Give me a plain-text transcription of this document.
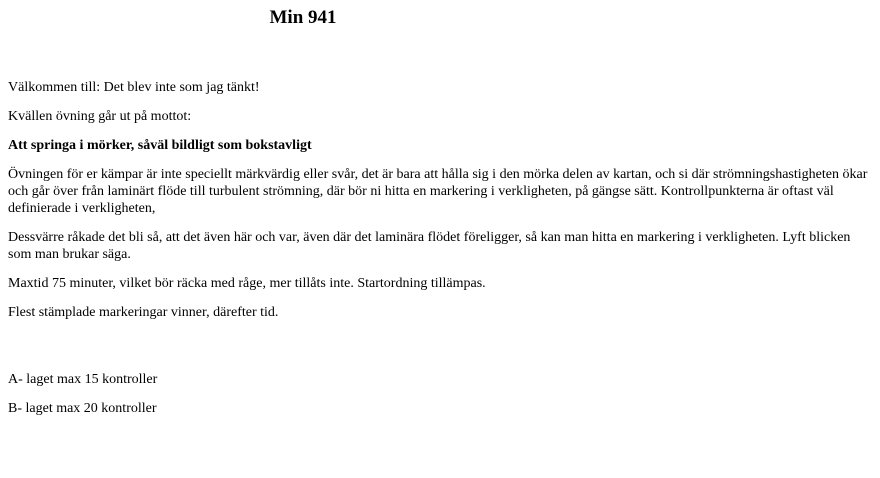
Min 941

Välkommen till: Det blev inte som jag tänkt!

Kvällen övning går ut på mottot:

Att springa i mörker, såväl bildligt som bokstavligt

Övningen för er kämpar är inte speciellt märkvärdig eller svår, det är bara att hålla sig i den mörka delen av kartan, och si där strömningshastigheten ökar och går över från laminärt flöde till turbulent strömning, där bör ni hitta en markering i verkligheten, på gängse sätt. Kontrollpunkterna är oftast väl definierade i verkligheten,

Dessvärre råkade det bli så, att det även här och var, även där det laminära flödet föreligger, så kan man hitta en markering i verkligheten. Lyft blicken som man brukar säga.

Maxtid 75 minuter, vilket bör räcka med råge, mer tillåts inte. Startordning tillämpas.

Flest stämplade markeringar vinner, därefter tid.

A- laget max 15 kontroller

B- laget max 20 kontroller
